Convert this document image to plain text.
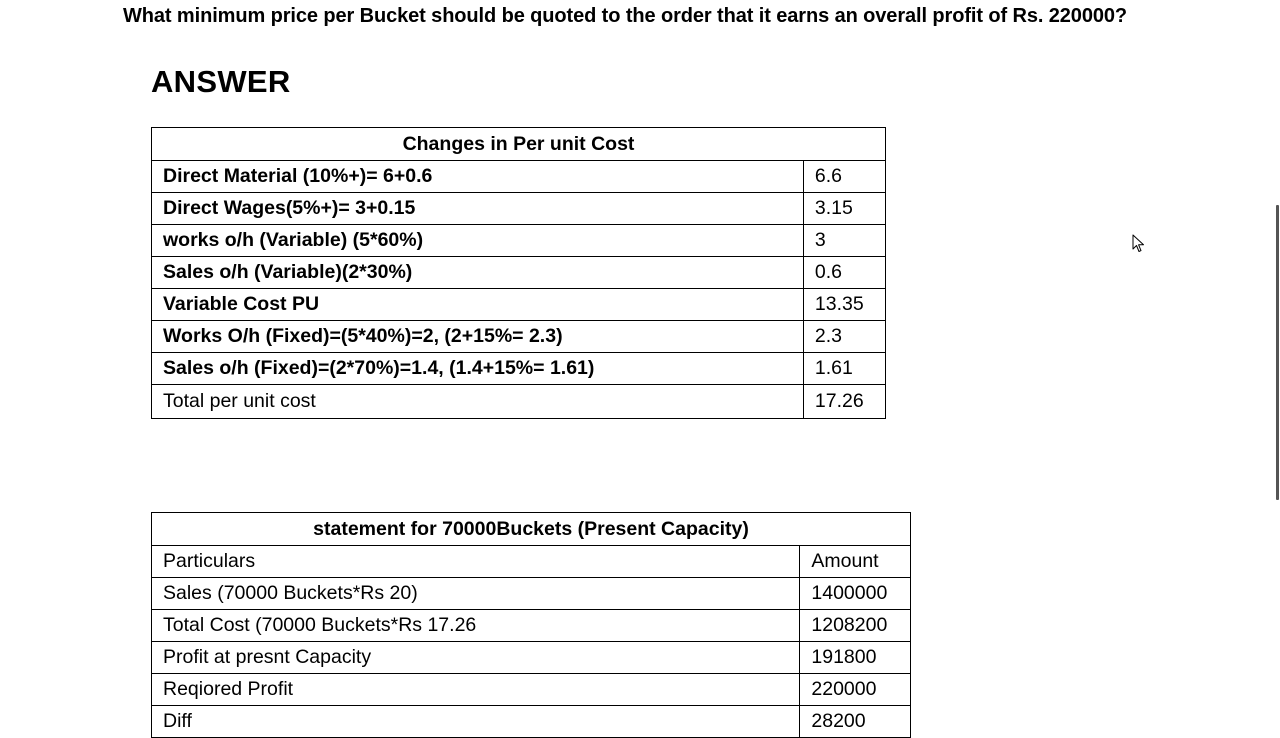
What minimum price per Bucket should be quoted to the order that it earns an overall profit of Rs. 220000?
ANSWER
Changes in Per unit Cost	
Direct Material (10%+)= 6+0.6	6.6
Direct Wages(5%+)= 3+0.15	3.15
works o/h (Variable) (5*60%)	3
Sales o/h (Variable)(2*30%)	0.6
Variable Cost PU	13.35
Works O/h (Fixed)=(5*40%)=2, (2+15%= 2.3)	2.3
Sales o/h (Fixed)=(2*70%)=1.4, (1.4+15%= 1.61)	1.61
Total per unit cost	17.26
statement for 70000Buckets (Present Capacity)	
Particulars	Amount
Sales (70000 Buckets*Rs 20)	1400000
Total Cost (70000 Buckets*Rs 17.26	1208200
Profit at presnt Capacity	191800
Reqiored Profit	220000
Diff	28200
